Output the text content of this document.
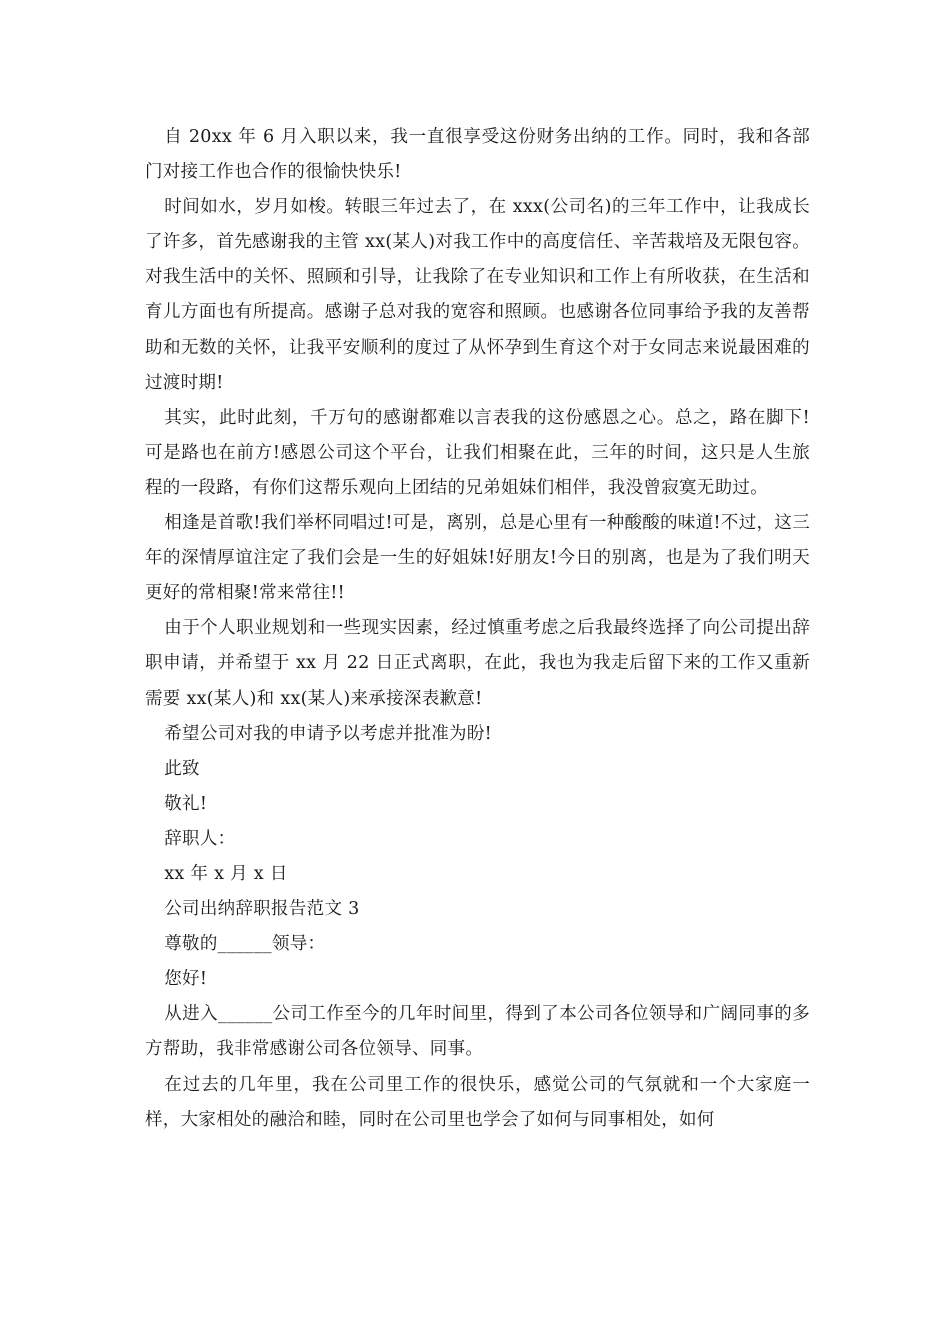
自 20xx 年 6 月入职以来，我一直很享受这份财务出纳的工作。同时，我和各部门对接工作也合作的很愉快快乐!

时间如水，岁月如梭。转眼三年过去了，在 xxx(公司名)的三年工作中，让我成长了许多，首先感谢我的主管 xx(某人)对我工作中的高度信任、辛苦栽培及无限包容。对我生活中的关怀、照顾和引导，让我除了在专业知识和工作上有所收获，在生活和育儿方面也有所提高。感谢子总对我的宽容和照顾。也感谢各位同事给予我的友善帮助和无数的关怀，让我平安顺利的度过了从怀孕到生育这个对于女同志来说最困难的过渡时期!

其实，此时此刻，千万句的感谢都难以言表我的这份感恩之心。总之，路在脚下!可是路也在前方!感恩公司这个平台，让我们相聚在此，三年的时间，这只是人生旅程的一段路，有你们这帮乐观向上团结的兄弟姐妹们相伴，我没曾寂寞无助过。

相逢是首歌!我们举杯同唱过!可是，离别，总是心里有一种酸酸的味道!不过，这三年的深情厚谊注定了我们会是一生的好姐妹!好朋友!今日的别离，也是为了我们明天更好的常相聚!常来常往!!

由于个人职业规划和一些现实因素，经过慎重考虑之后我最终选择了向公司提出辞职申请，并希望于 xx 月 22 日正式离职，在此，我也为我走后留下来的工作又重新需要 xx(某人)和 xx(某人)来承接深表歉意!

希望公司对我的申请予以考虑并批准为盼!

此致

敬礼!

辞职人：

xx 年 x 月 x 日

公司出纳辞职报告范文 3

尊敬的______领导：

您好!

从进入______公司工作至今的几年时间里，得到了本公司各位领导和广阔同事的多方帮助，我非常感谢公司各位领导、同事。

在过去的几年里，我在公司里工作的很快乐，感觉公司的气氛就和一个大家庭一样，大家相处的融洽和睦，同时在公司里也学会了如何与同事相处，如何
